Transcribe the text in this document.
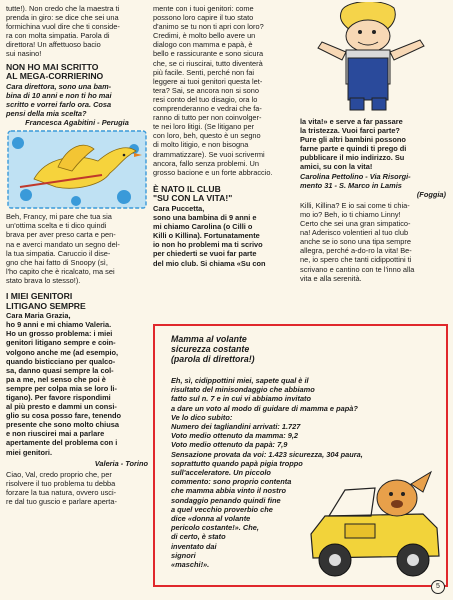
tutte!). Non credo che la maestra ti
prenda in giro: se dice che sei una
formichina vuol dire che ti conside-
ra con molta simpatia. Parola di
direttora! Un affettuoso bacio
sui nasino!

NON HO MAI SCRITTO
AL MEGA-CORRIERINO

Cara direttora, sono una bam-
bina di 10 anni e non ti ho mai
scritto e vorrei farlo ora. Cosa
pensi della mia scelta?

Francesca Agabitini - Perugia

Beh, Francy, mi pare che tua sia
un'ottima scelta e ti dico quindi
brava per aver preso carta e pen-
na e averci mandato un segno del-
la tua simpatia. Caruccio il dise-
gno che hai fatto di Snoopy (sì,
l'ho capito che è ricalcato, ma sei
stato brava lo stesso!).

I MIEI GENITORI
LITIGANO SEMPRE

Cara Maria Grazia,
ho 9 anni e mi chiamo Valeria.
Ho un grosso problema: i miei
genitori litigano sempre e coin-
volgono anche me (ad esempio,
quando bisticciano per qualco-
sa, danno quasi sempre la col-
pa a me, nel senso che poi è
sempre per colpa mia se loro li-
tigano). Per favore rispondimi
al più presto e dammi un consi-
glio su cosa posso fare, tenendo
presente che sono molto chiusa
e non riuscirei mai a parlare
apertamente del problema con i
miei genitori.

Valeria - Torino

Ciao, Val, credo proprio che, per
risolvere il tuo problema tu debba
forzare la tua natura, ovvero usci-
re dal tuo guscio e parlare aperta-

mente con i tuoi genitori: come
possono loro capire il tuo stato
d'animo se tu non ti apri con loro?
Credimi, è molto bello avere un
dialogo con mamma e papà, è
bello e rassicurante e sono sicura
che, se ci riuscirai, tutto diventerà
più facile. Senti, perché non fai
leggere ai tuoi genitori questa let-
tera? Sai, se ancora non si sono
resi conto del tuo disagio, ora lo
comprenderanno e vedrai che fa-
ranno di tutto per non coinvolger-
te nei loro litigi. (Se litigano per
con loro, beh, questo è un segno
di molto litigio, e non bisogna
drammatizzare). Se vuoi scrivermi
ancora, fallo senza problemi. Un
grosso bacione e un forte abbraccio.

È NATO IL CLUB
"SU CON LA VITA!"

Cara Puccetta,
sono una bambina di 9 anni e
mi chiamo Carolina (o Cilli o
Killi o Killina). Fortunatamente
io non ho problemi ma ti scrivo
per chiederti se vuoi far parte
del mio club. Si chiama «Su con

la vita!» e serve a far passare
la tristezza. Vuoi farci parte?
Pure gli altri bambini possono
farne parte e quindi ti prego di
pubblicare il mio indirizzo. Su
amici, su con la vita!

Carolina Pettolino - Via Risorgi-
mento 31 - S. Marco in Lamis

(Foggia)

Killi, Killina? E io sai come ti chia-
mo io? Beh, io ti chiamo Linny!
Certo che sei una gran simpatico-
na! Aderisco volentieri al tuo club
anche se io sono una tipa sempre
allegra, perché a-do-ro la vita! Be-
ne, io spero che tanti cidippottini ti
scrivano e cantino con te l'inno alla
vita e alla serenità.

Mamma al volante
sicurezza costante
(parola di direttora!)

Eh, sì, cidippottini miei, sapete qual è il
risultato del minisondaggio che abbiamo
fatto sul n. 7 e in cui vi abbiamo invitato
a dare un voto al modo di guidare di mamma e papà?
Ve lo dico subito:

Numero dei tagliandini arrivati: 1.727
Voto medio ottenuto da mamma: 9,2
Voto medio ottenuto da papà: 7,9
Sensazione provata da voi: 1.423 sicurezza, 304 paura,
soprattutto quando papà pigia troppo
sull'acceleratore. Un piccolo

commento: sono proprio contenta
che mamma abbia vinto il nostro
sondaggio penando quindi fine
a quel vecchio proverbio che
dice «donna al volante
pericolo costante!». Che,
di certo, è stato
inventato dai
signori
«maschi!».

5
